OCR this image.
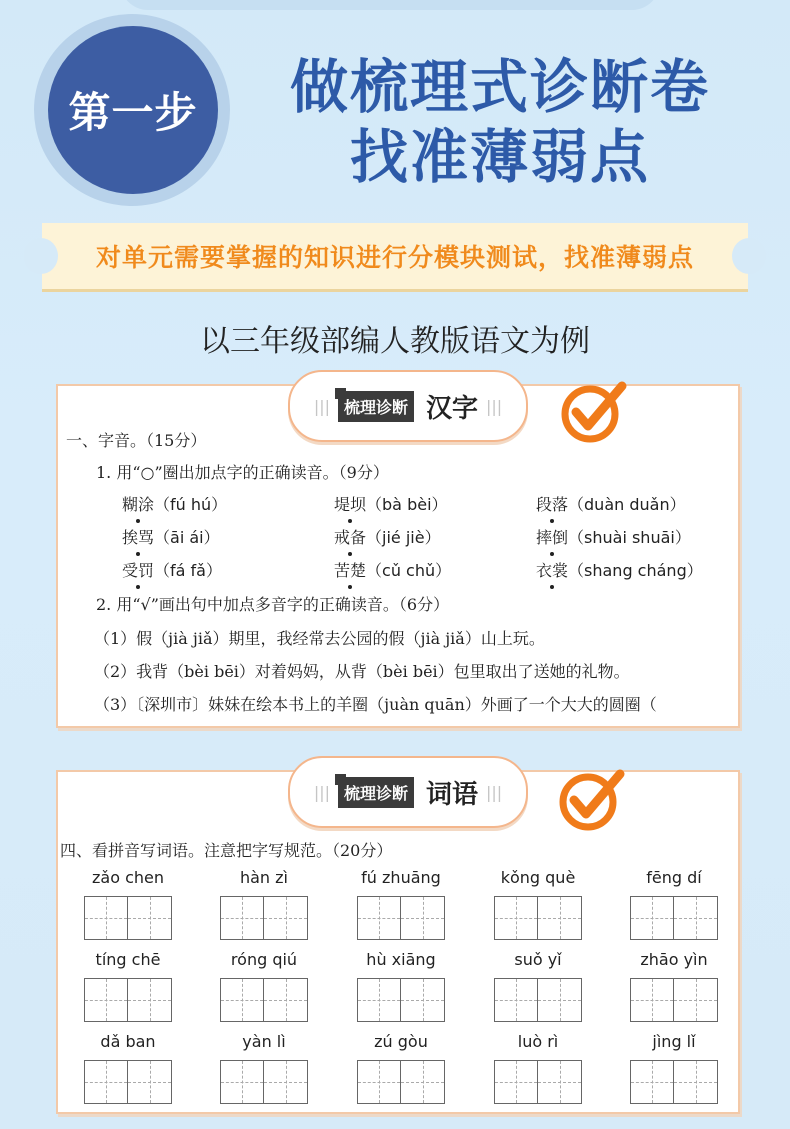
第一步	做梳理式诊断卷
找准薄弱点
对单元需要掌握的知识进行分模块测试，找准薄弱点
以三年级部编人教版语文为例
||| 梳理诊断 汉字 |||
一、字音。（15分）
1. 用“○”圈出加点字的正确读音。（9分）
糊涂（fú hú）	堤坝（bà bèi）	段落（duàn duǎn）
挨骂（āi ái）	戒备（jié jiè）	摔倒（shuài shuāi）
受罚（fá fǎ）	苦楚（cǔ chǔ）	衣裳（shang cháng）
2. 用“√”画出句中加点多音字的正确读音。（6分）
（1）假（jià jiǎ）期里，我经常去公园的假（jià jiǎ）山上玩。
（2）我背（bèi bēi）对着妈妈，从背（bèi bēi）包里取出了送她的礼物。
（3）〔深圳市〕妹妹在绘本书上的羊圈（juàn quān）外画了一个大大的圆圈（
||| 梳理诊断 词语 |||
四、看拼音写词语。注意把字写规范。（20分）
zǎo chen	hàn zì	fú zhuāng	kǒng què	fēng dí
tíng chē	róng qiú	hù xiāng	suǒ yǐ	zhāo yìn
dǎ ban	yàn lì	zú gòu	luò rì	jìng lǐ
